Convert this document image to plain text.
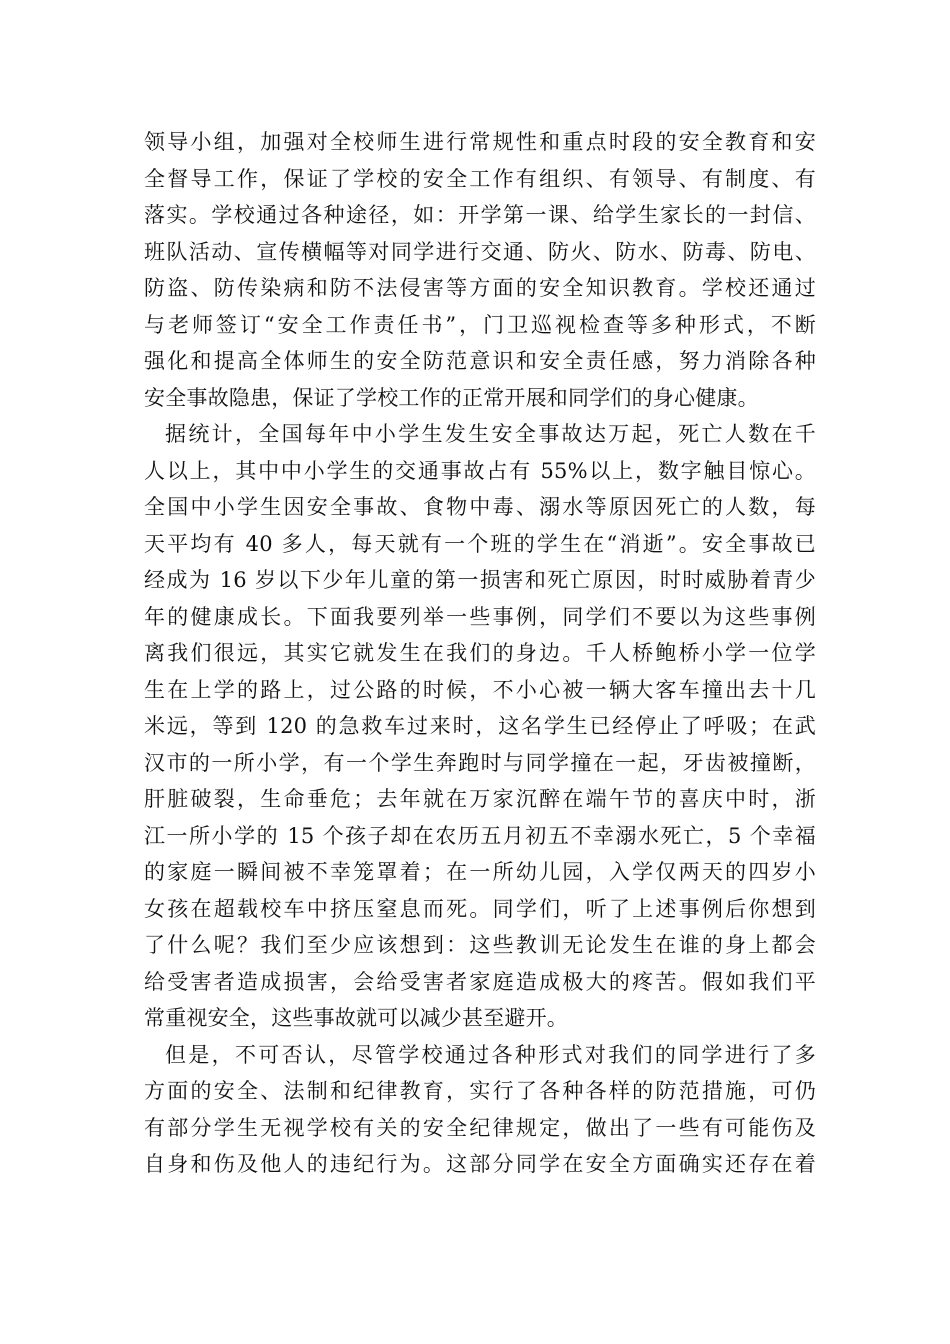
领导小组，加强对全校师生进行常规性和重点时段的安全教育和安
全督导工作，保证了学校的安全工作有组织、有领导、有制度、有
落实。学校通过各种途径，如：开学第一课、给学生家长的一封信、
班队活动、宣传横幅等对同学进行交通、防火、防水、防毒、防电、
防盗、防传染病和防不法侵害等方面的安全知识教育。学校还通过
与老师签订“安全工作责任书”，门卫巡视检查等多种形式，不断
强化和提高全体师生的安全防范意识和安全责任感，努力消除各种
安全事故隐患，保证了学校工作的正常开展和同学们的身心健康。
据统计，全国每年中小学生发生安全事故达万起，死亡人数在千
人以上，其中中小学生的交通事故占有 55%以上，数字触目惊心。
全国中小学生因安全事故、食物中毒、溺水等原因死亡的人数，每
天平均有 40 多人，每天就有一个班的学生在“消逝”。安全事故已
经成为 16 岁以下少年儿童的第一损害和死亡原因，时时威胁着青少
年的健康成长。下面我要列举一些事例，同学们不要以为这些事例
离我们很远，其实它就发生在我们的身边。千人桥鲍桥小学一位学
生在上学的路上，过公路的时候，不小心被一辆大客车撞出去十几
米远，等到 120 的急救车过来时，这名学生已经停止了呼吸；在武
汉市的一所小学，有一个学生奔跑时与同学撞在一起，牙齿被撞断，
肝脏破裂，生命垂危；去年就在万家沉醉在端午节的喜庆中时，浙
江一所小学的 15 个孩子却在农历五月初五不幸溺水死亡，5 个幸福
的家庭一瞬间被不幸笼罩着；在一所幼儿园，入学仅两天的四岁小
女孩在超载校车中挤压窒息而死。同学们，听了上述事例后你想到
了什么呢？我们至少应该想到：这些教训无论发生在谁的身上都会
给受害者造成损害，会给受害者家庭造成极大的疼苦。假如我们平
常重视安全，这些事故就可以减少甚至避开。
但是，不可否认，尽管学校通过各种形式对我们的同学进行了多
方面的安全、法制和纪律教育，实行了各种各样的防范措施，可仍
有部分学生无视学校有关的安全纪律规定，做出了一些有可能伤及
自身和伤及他人的违纪行为。这部分同学在安全方面确实还存在着
